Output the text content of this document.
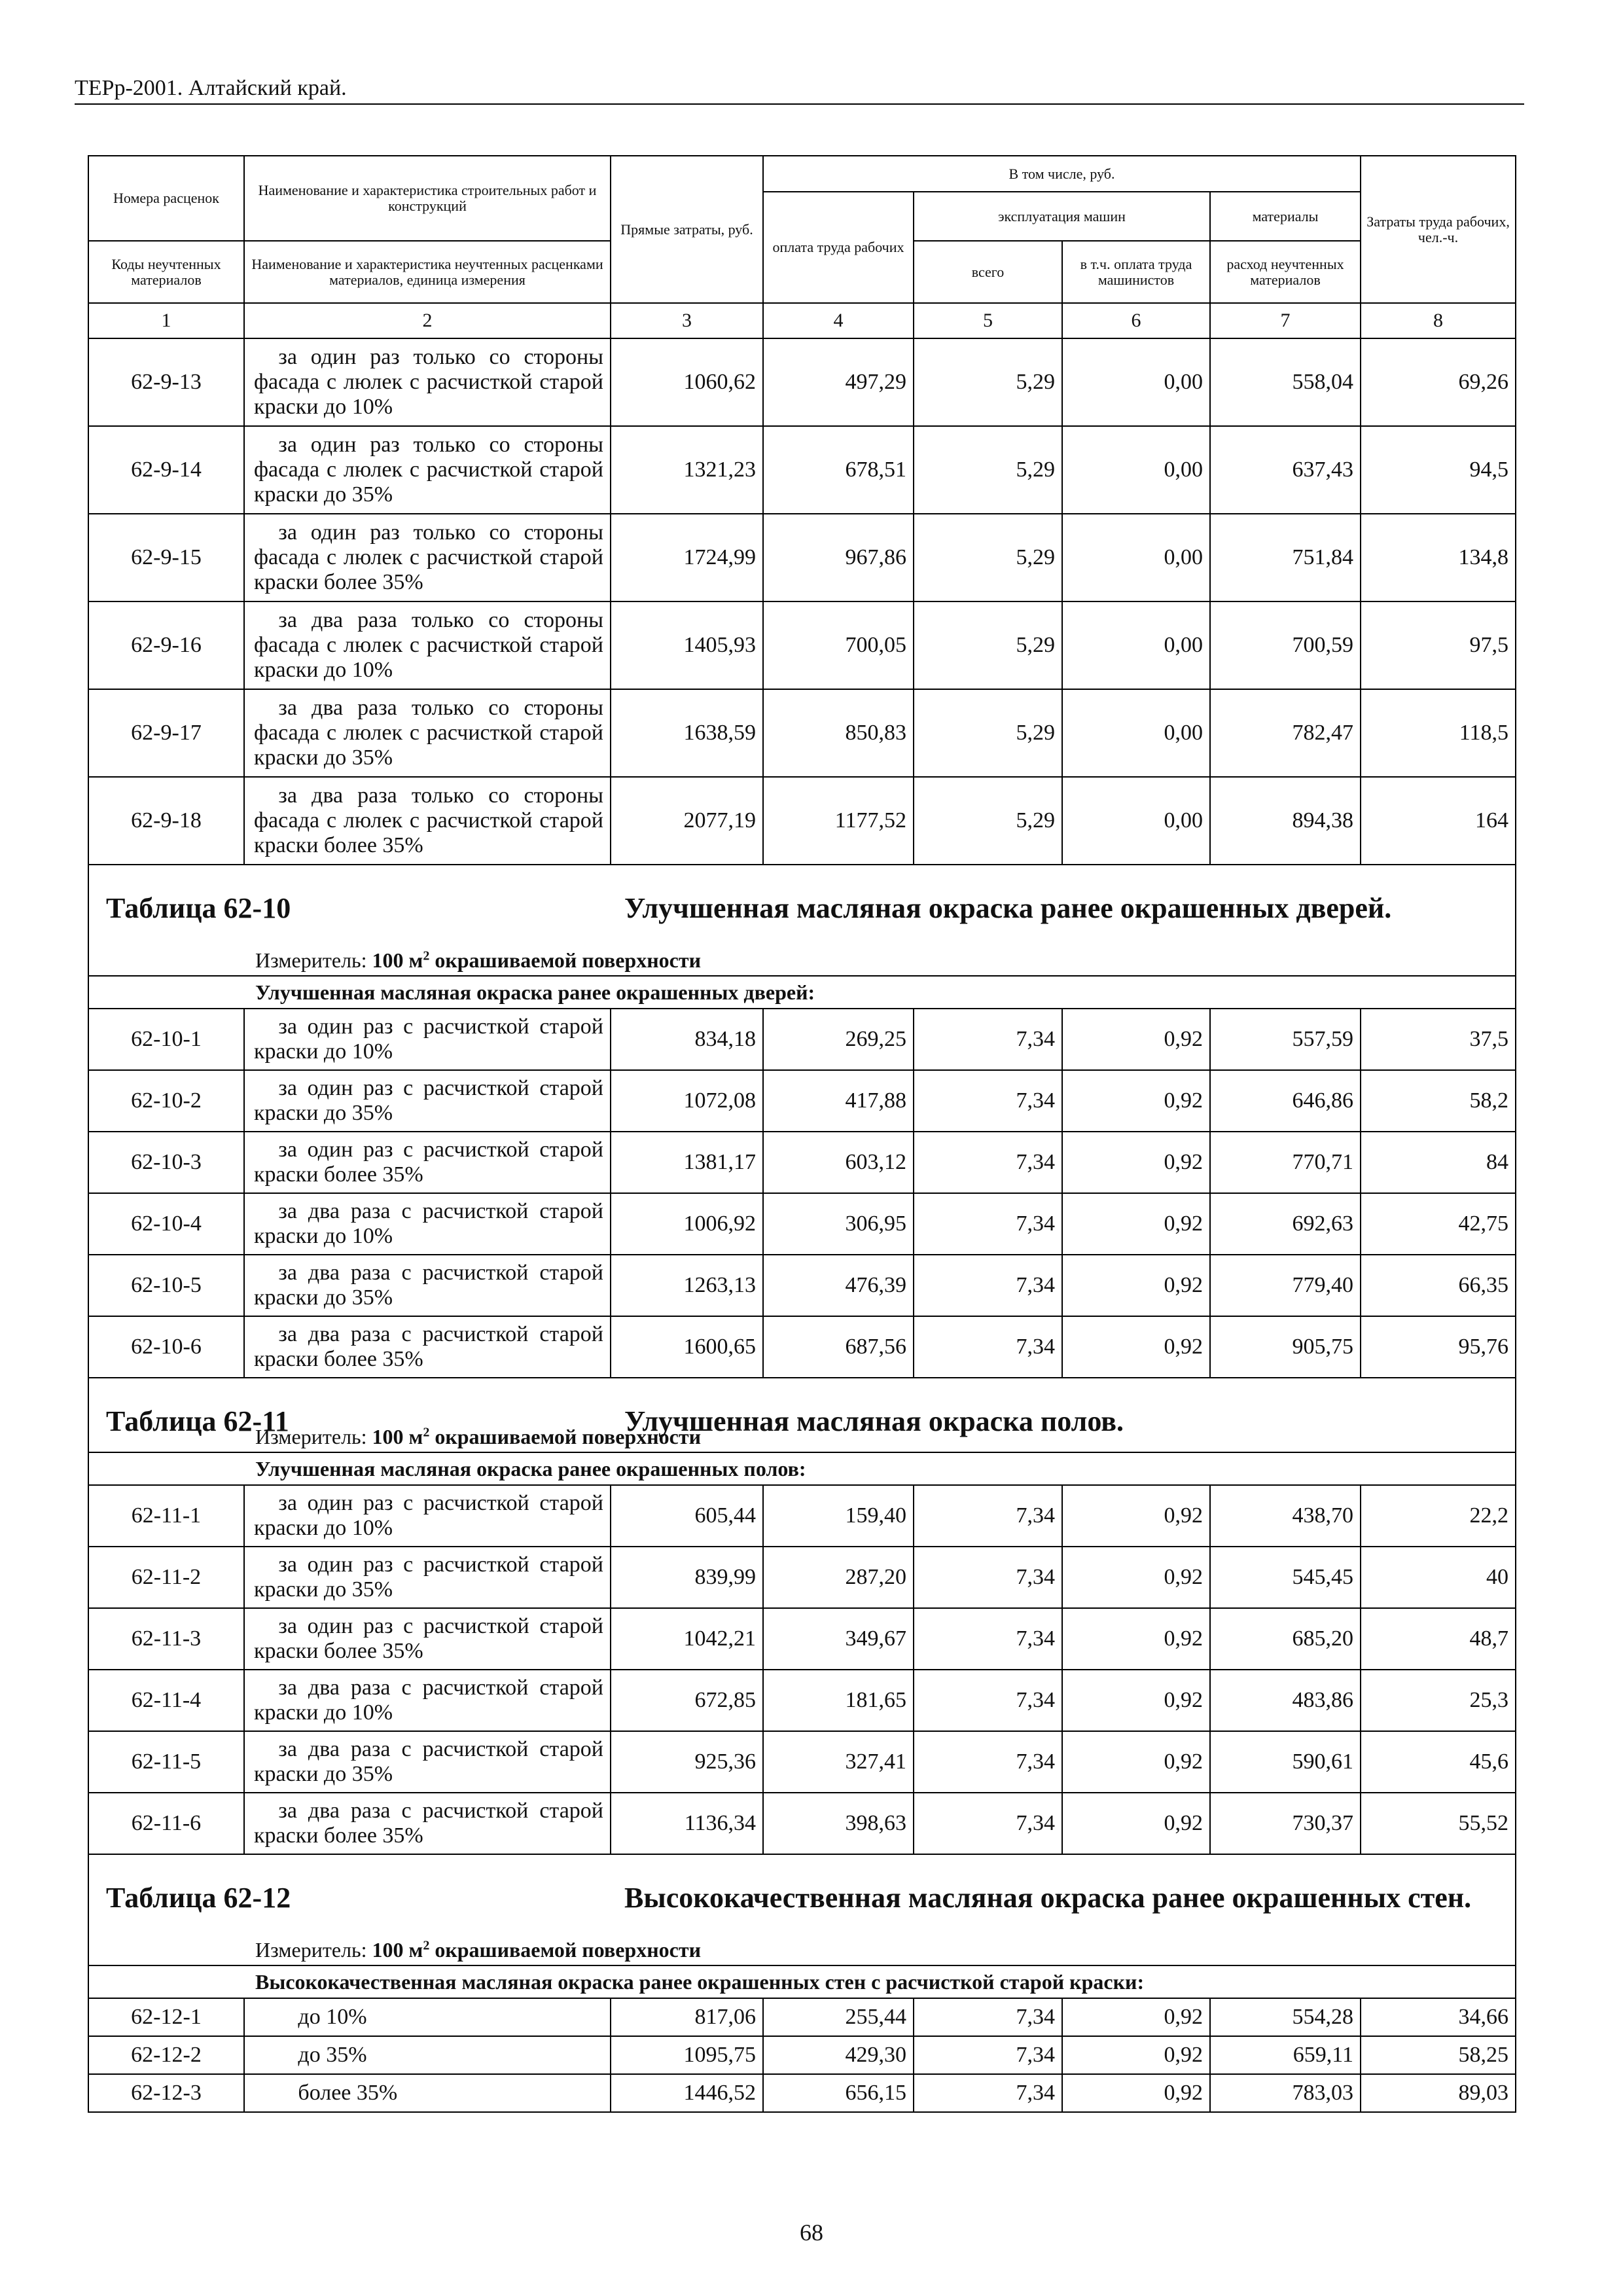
ТЕРр-2001. Алтайский край.
Номера расценок	Наименование и характеристика строительных работ и конструкций	Прямые затраты, руб.	В том числе, руб.				Затраты труда рабочих, чел.-ч.
			оплата труда рабочих	эксплуатация машин		материалы	
Коды неучтенных материалов	Наименование и характеристика неучтенных расценками материалов, единица измерения			всего	в т.ч. оплата труда машинистов	расход неучтенных материалов	
1	2	3	4	5	6	7	8
62-9-13	за один раз только со стороны фасада с люлек с расчисткой старой краски до 10%	1060,62	497,29	5,29	0,00	558,04	69,26
62-9-14	за один раз только со стороны фасада с люлек с расчисткой старой краски до 35%	1321,23	678,51	5,29	0,00	637,43	94,5
62-9-15	за один раз только со стороны фасада с люлек с расчисткой старой краски более 35%	1724,99	967,86	5,29	0,00	751,84	134,8
62-9-16	за два раза только со стороны фасада с люлек с расчисткой старой краски до 10%	1405,93	700,05	5,29	0,00	700,59	97,5
62-9-17	за два раза только со стороны фасада с люлек с расчисткой старой краски до 35%	1638,59	850,83	5,29	0,00	782,47	118,5
62-9-18	за два раза только со стороны фасада с люлек с расчисткой старой краски более 35%	2077,19	1177,52	5,29	0,00	894,38	164

Таблица 62-10 Улучшенная масляная окраска ранее окрашенных дверей.							

Измеритель: 100 $м^2$ окрашиваемой поверхности							
Улучшенная масляная окраска ранее окрашенных дверей:							
62-10-1	за один раз с расчисткой старой краски до 10%	834,18	269,25	7,34	0,92	557,59	37,5
62-10-2	за один раз с расчисткой старой краски до 35%	1072,08	417,88	7,34	0,92	646,86	58,2
62-10-3	за один раз с расчисткой старой краски более 35%	1381,17	603,12	7,34	0,92	770,71	84
62-10-4	за два раза с расчисткой старой краски до 10%	1006,92	306,95	7,34	0,92	692,63	42,75
62-10-5	за два раза с расчисткой старой краски до 35%	1263,13	476,39	7,34	0,92	779,40	66,35
62-10-6	за два раза с расчисткой старой краски более 35%	1600,65	687,56	7,34	0,92	905,75	95,76

Таблица 62-11 Улучшенная масляная окраска полов.							

Измеритель: 100 $м^2$ окрашиваемой поверхности							
Улучшенная масляная окраска ранее окрашенных полов:							
62-11-1	за один раз с расчисткой старой краски до 10%	605,44	159,40	7,34	0,92	438,70	22,2
62-11-2	за один раз с расчисткой старой краски до 35%	839,99	287,20	7,34	0,92	545,45	40
62-11-3	за один раз с расчисткой старой краски более 35%	1042,21	349,67	7,34	0,92	685,20	48,7
62-11-4	за два раза с расчисткой старой краски до 10%	672,85	181,65	7,34	0,92	483,86	25,3
62-11-5	за два раза с расчисткой старой краски до 35%	925,36	327,41	7,34	0,92	590,61	45,6
62-11-6	за два раза с расчисткой старой краски более 35%	1136,34	398,63	7,34	0,92	730,37	55,52

Таблица 62-12 Высококачественная масляная окраска ранее окрашенных стен.							

Измеритель: 100 $м^2$ окрашиваемой поверхности							
Высококачественная масляная окраска ранее окрашенных стен с расчисткой старой краски:							
62-12-1	до 10%	817,06	255,44	7,34	0,92	554,28	34,66
62-12-2	до 35%	1095,75	429,30	7,34	0,92	659,11	58,25
62-12-3	более 35%	1446,52	656,15	7,34	0,92	783,03	89,03
68
